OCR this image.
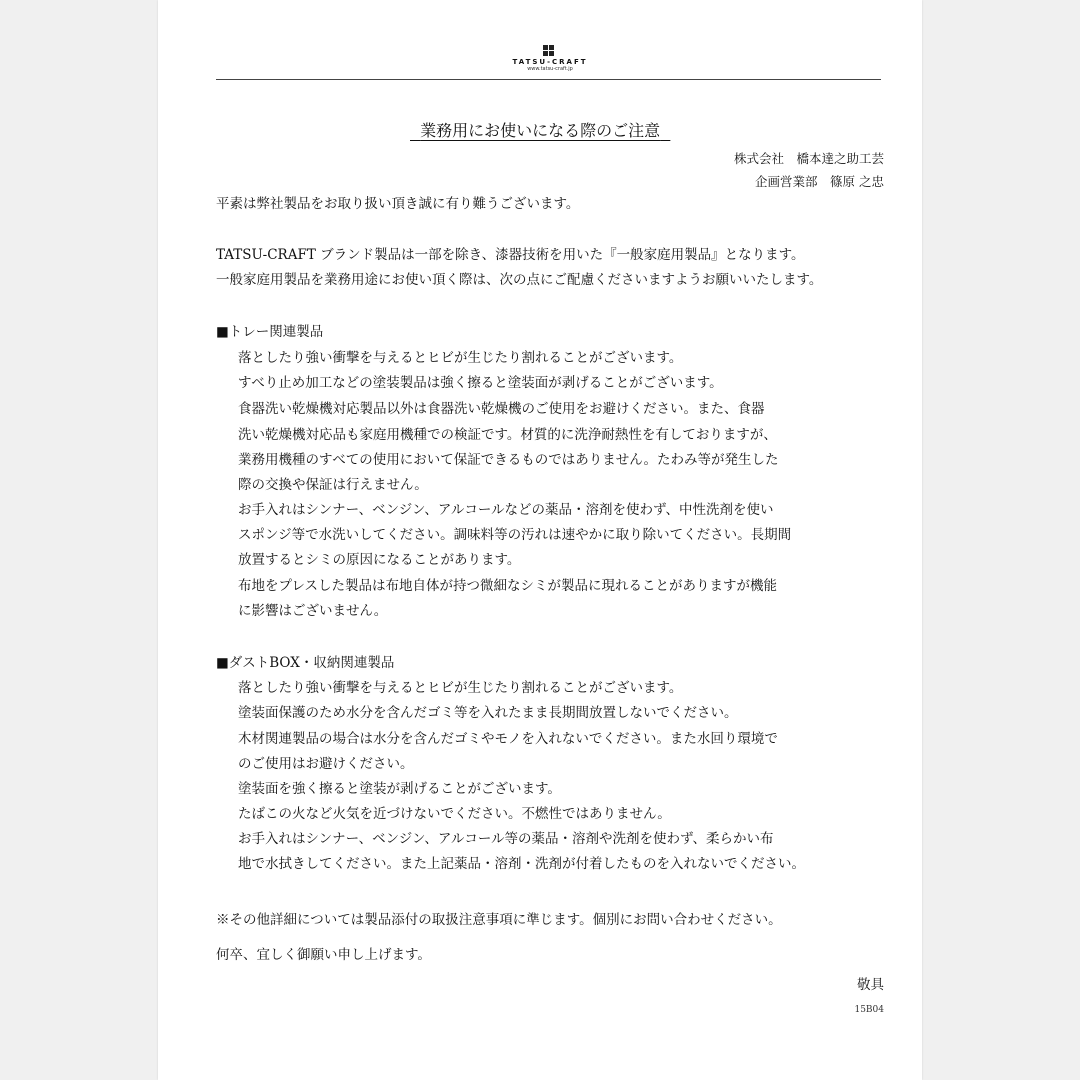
TATSU-CRAFT
www.tatsu-craft.jp
業務用にお使いになる際のご注意
株式会社　橋本達之助工芸
企画営業部　篠原 之忠
平素は弊社製品をお取り扱い頂き誠に有り難うございます。
TATSU-CRAFT ブランド製品は一部を除き、漆器技術を用いた『一般家庭用製品』となります。
一般家庭用製品を業務用途にお使い頂く際は、次の点にご配慮くださいますようお願いいたします。
■トレー関連製品
落としたり強い衝撃を与えるとヒビが生じたり割れることがございます。
すべり止め加工などの塗装製品は強く擦ると塗装面が剥げることがございます。
食器洗い乾燥機対応製品以外は食器洗い乾燥機のご使用をお避けください。また、食器
洗い乾燥機対応品も家庭用機種での検証です。材質的に洗浄耐熱性を有しておりますが、
業務用機種のすべての使用において保証できるものではありません。たわみ等が発生した
際の交換や保証は行えません。
お手入れはシンナー、ベンジン、アルコールなどの薬品・溶剤を使わず、中性洗剤を使い
スポンジ等で水洗いしてください。調味料等の汚れは速やかに取り除いてください。長期間
放置するとシミの原因になることがあります。
布地をプレスした製品は布地自体が持つ微細なシミが製品に現れることがありますが機能
に影響はございません。
■ダストBOX・収納関連製品
落としたり強い衝撃を与えるとヒビが生じたり割れることがございます。
塗装面保護のため水分を含んだゴミ等を入れたまま長期間放置しないでください。
木材関連製品の場合は水分を含んだゴミやモノを入れないでください。また水回り環境で
のご使用はお避けください。
塗装面を強く擦ると塗装が剥げることがございます。
たばこの火など火気を近づけないでください。不燃性ではありません。
お手入れはシンナー、ベンジン、アルコール等の薬品・溶剤や洗剤を使わず、柔らかい布
地で水拭きしてください。また上記薬品・溶剤・洗剤が付着したものを入れないでください。
※その他詳細については製品添付の取扱注意事項に準じます。個別にお問い合わせください。
何卒、宜しく御願い申し上げます。
敬具
15B04
